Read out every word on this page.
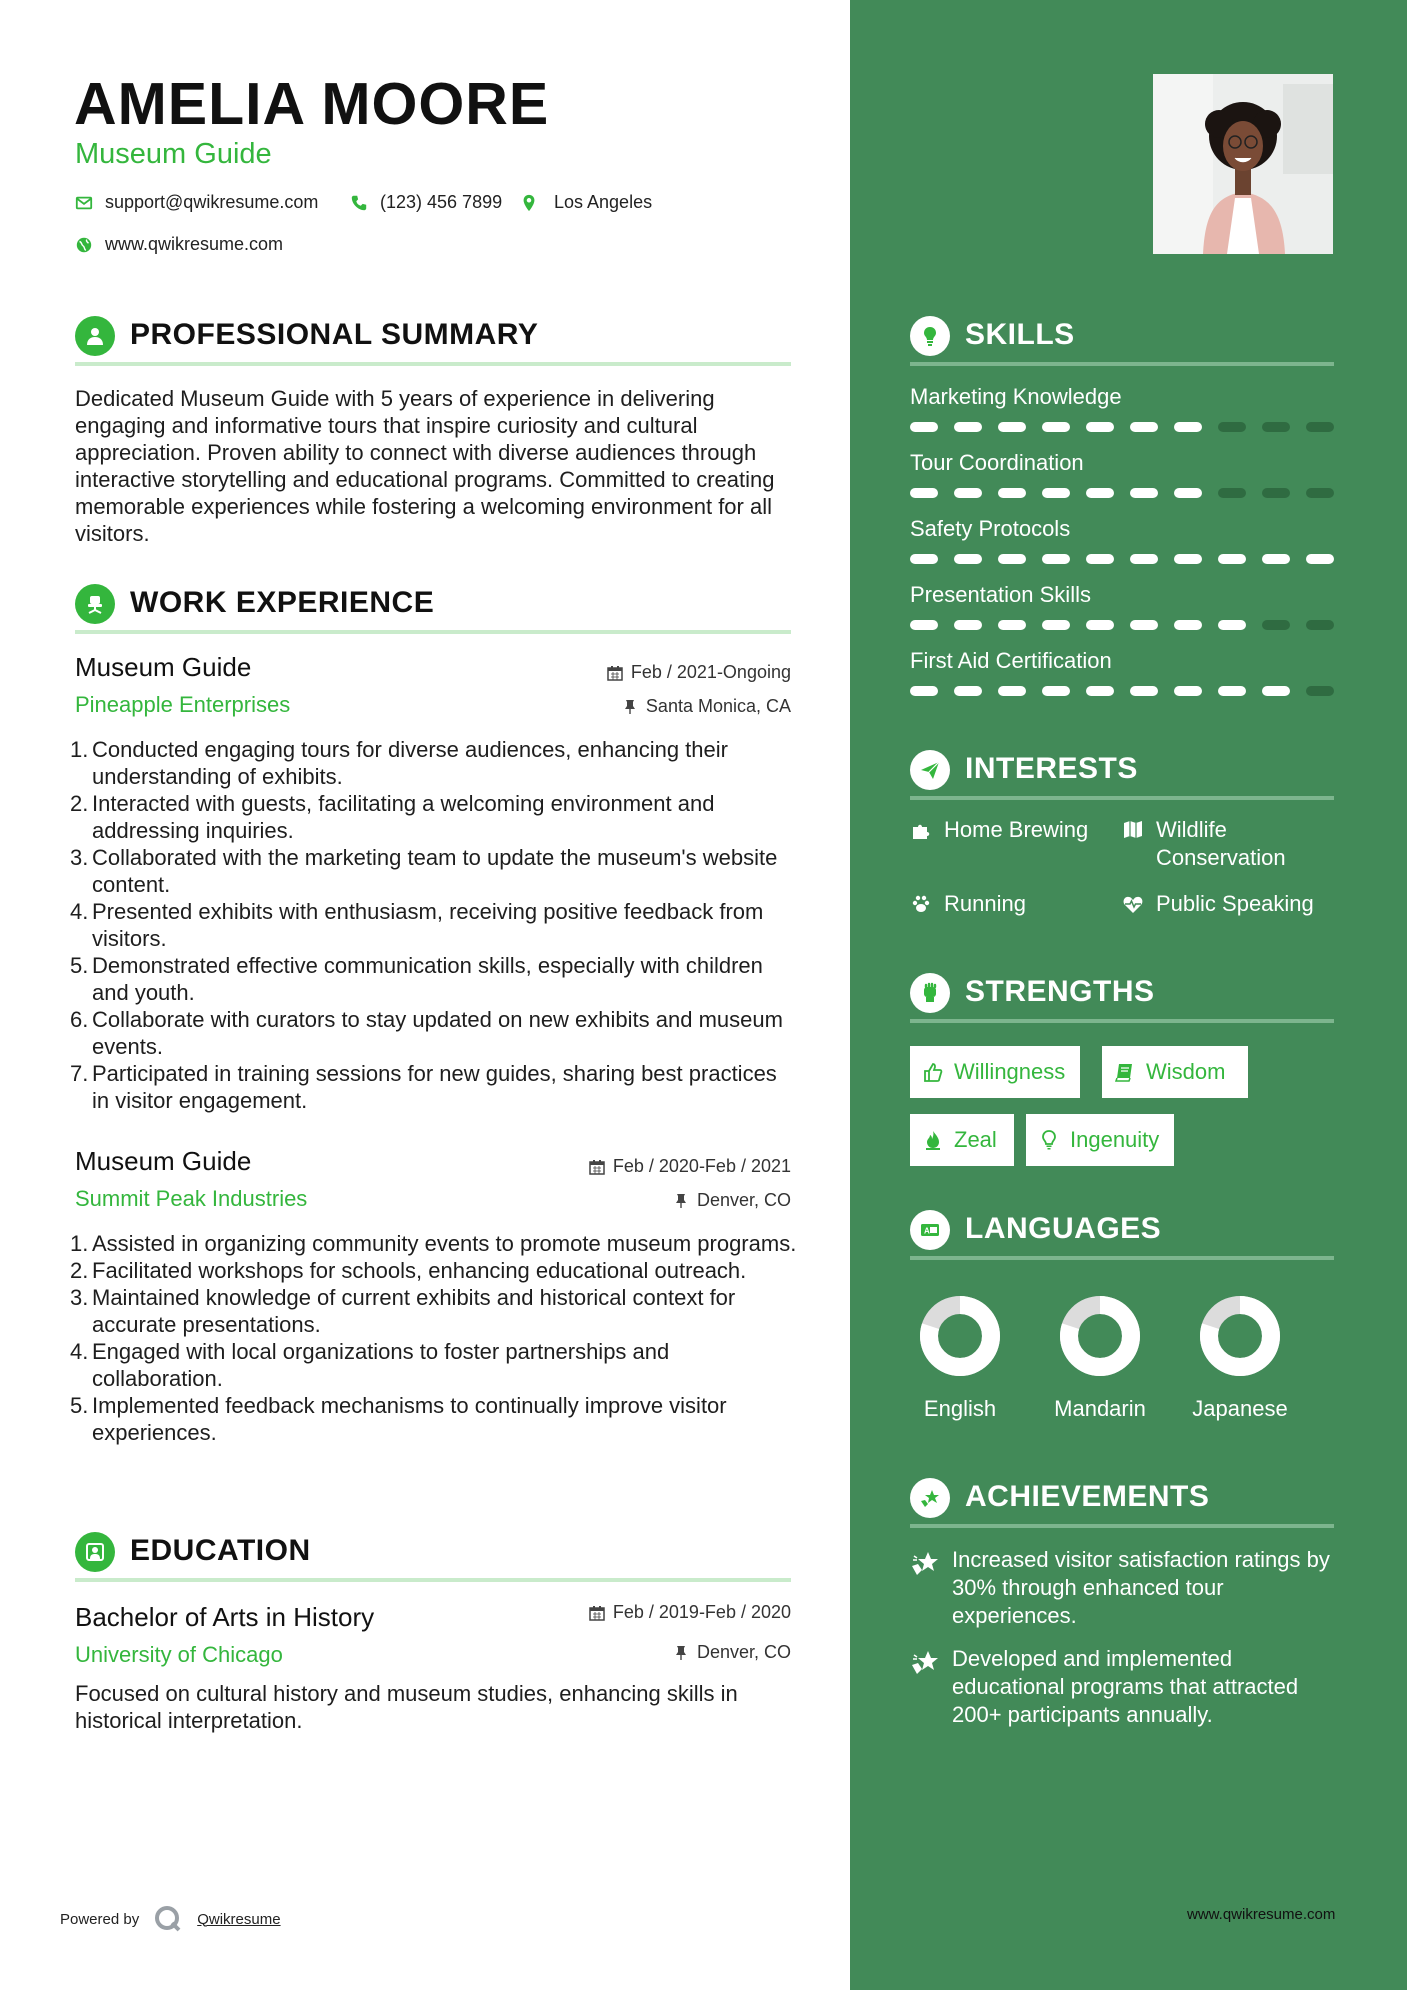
AMELIA MOORE
Museum Guide
support@qwikresume.com	(123) 456 7899	Los Angeles
www.qwikresume.com
PROFESSIONAL SUMMARY
Dedicated Museum Guide with 5 years of experience in delivering engaging and informative tours that inspire curiosity and cultural appreciation. Proven ability to connect with diverse audiences through interactive storytelling and educational programs. Committed to creating memorable experiences while fostering a welcoming environment for all visitors.
WORK EXPERIENCE
Museum Guide
Pineapple Enterprises
Feb / 2021-Ongoing
Santa Monica, CA
1. Conducted engaging tours for diverse audiences, enhancing their understanding of exhibits.
2. Interacted with guests, facilitating a welcoming environment and addressing inquiries.
3. Collaborated with the marketing team to update the museum's website content.
4. Presented exhibits with enthusiasm, receiving positive feedback from visitors.
5. Demonstrated effective communication skills, especially with children and youth.
6. Collaborate with curators to stay updated on new exhibits and museum events.
7. Participated in training sessions for new guides, sharing best practices in visitor engagement.
Museum Guide
Summit Peak Industries
Feb / 2020-Feb / 2021
Denver, CO
1. Assisted in organizing community events to promote museum programs.
2. Facilitated workshops for schools, enhancing educational outreach.
3. Maintained knowledge of current exhibits and historical context for accurate presentations.
4. Engaged with local organizations to foster partnerships and collaboration.
5. Implemented feedback mechanisms to continually improve visitor experiences.
EDUCATION
Bachelor of Arts in History
University of Chicago
Feb / 2019-Feb / 2020
Denver, CO
Focused on cultural history and museum studies, enhancing skills in historical interpretation.
Powered by	Qwikresume
SKILLS
Marketing Knowledge
Tour Coordination
Safety Protocols
Presentation Skills
First Aid Certification
INTERESTS
Home Brewing	Wildlife Conservation
Running	Public Speaking
STRENGTHS
Willingness	Wisdom
Zeal	Ingenuity
A LANGUAGES
English	Mandarin	Japanese
ACHIEVEMENTS
Increased visitor satisfaction ratings by 30% through enhanced tour experiences.
Developed and implemented educational programs that attracted 200+ participants annually.
www.qwikresume.com
